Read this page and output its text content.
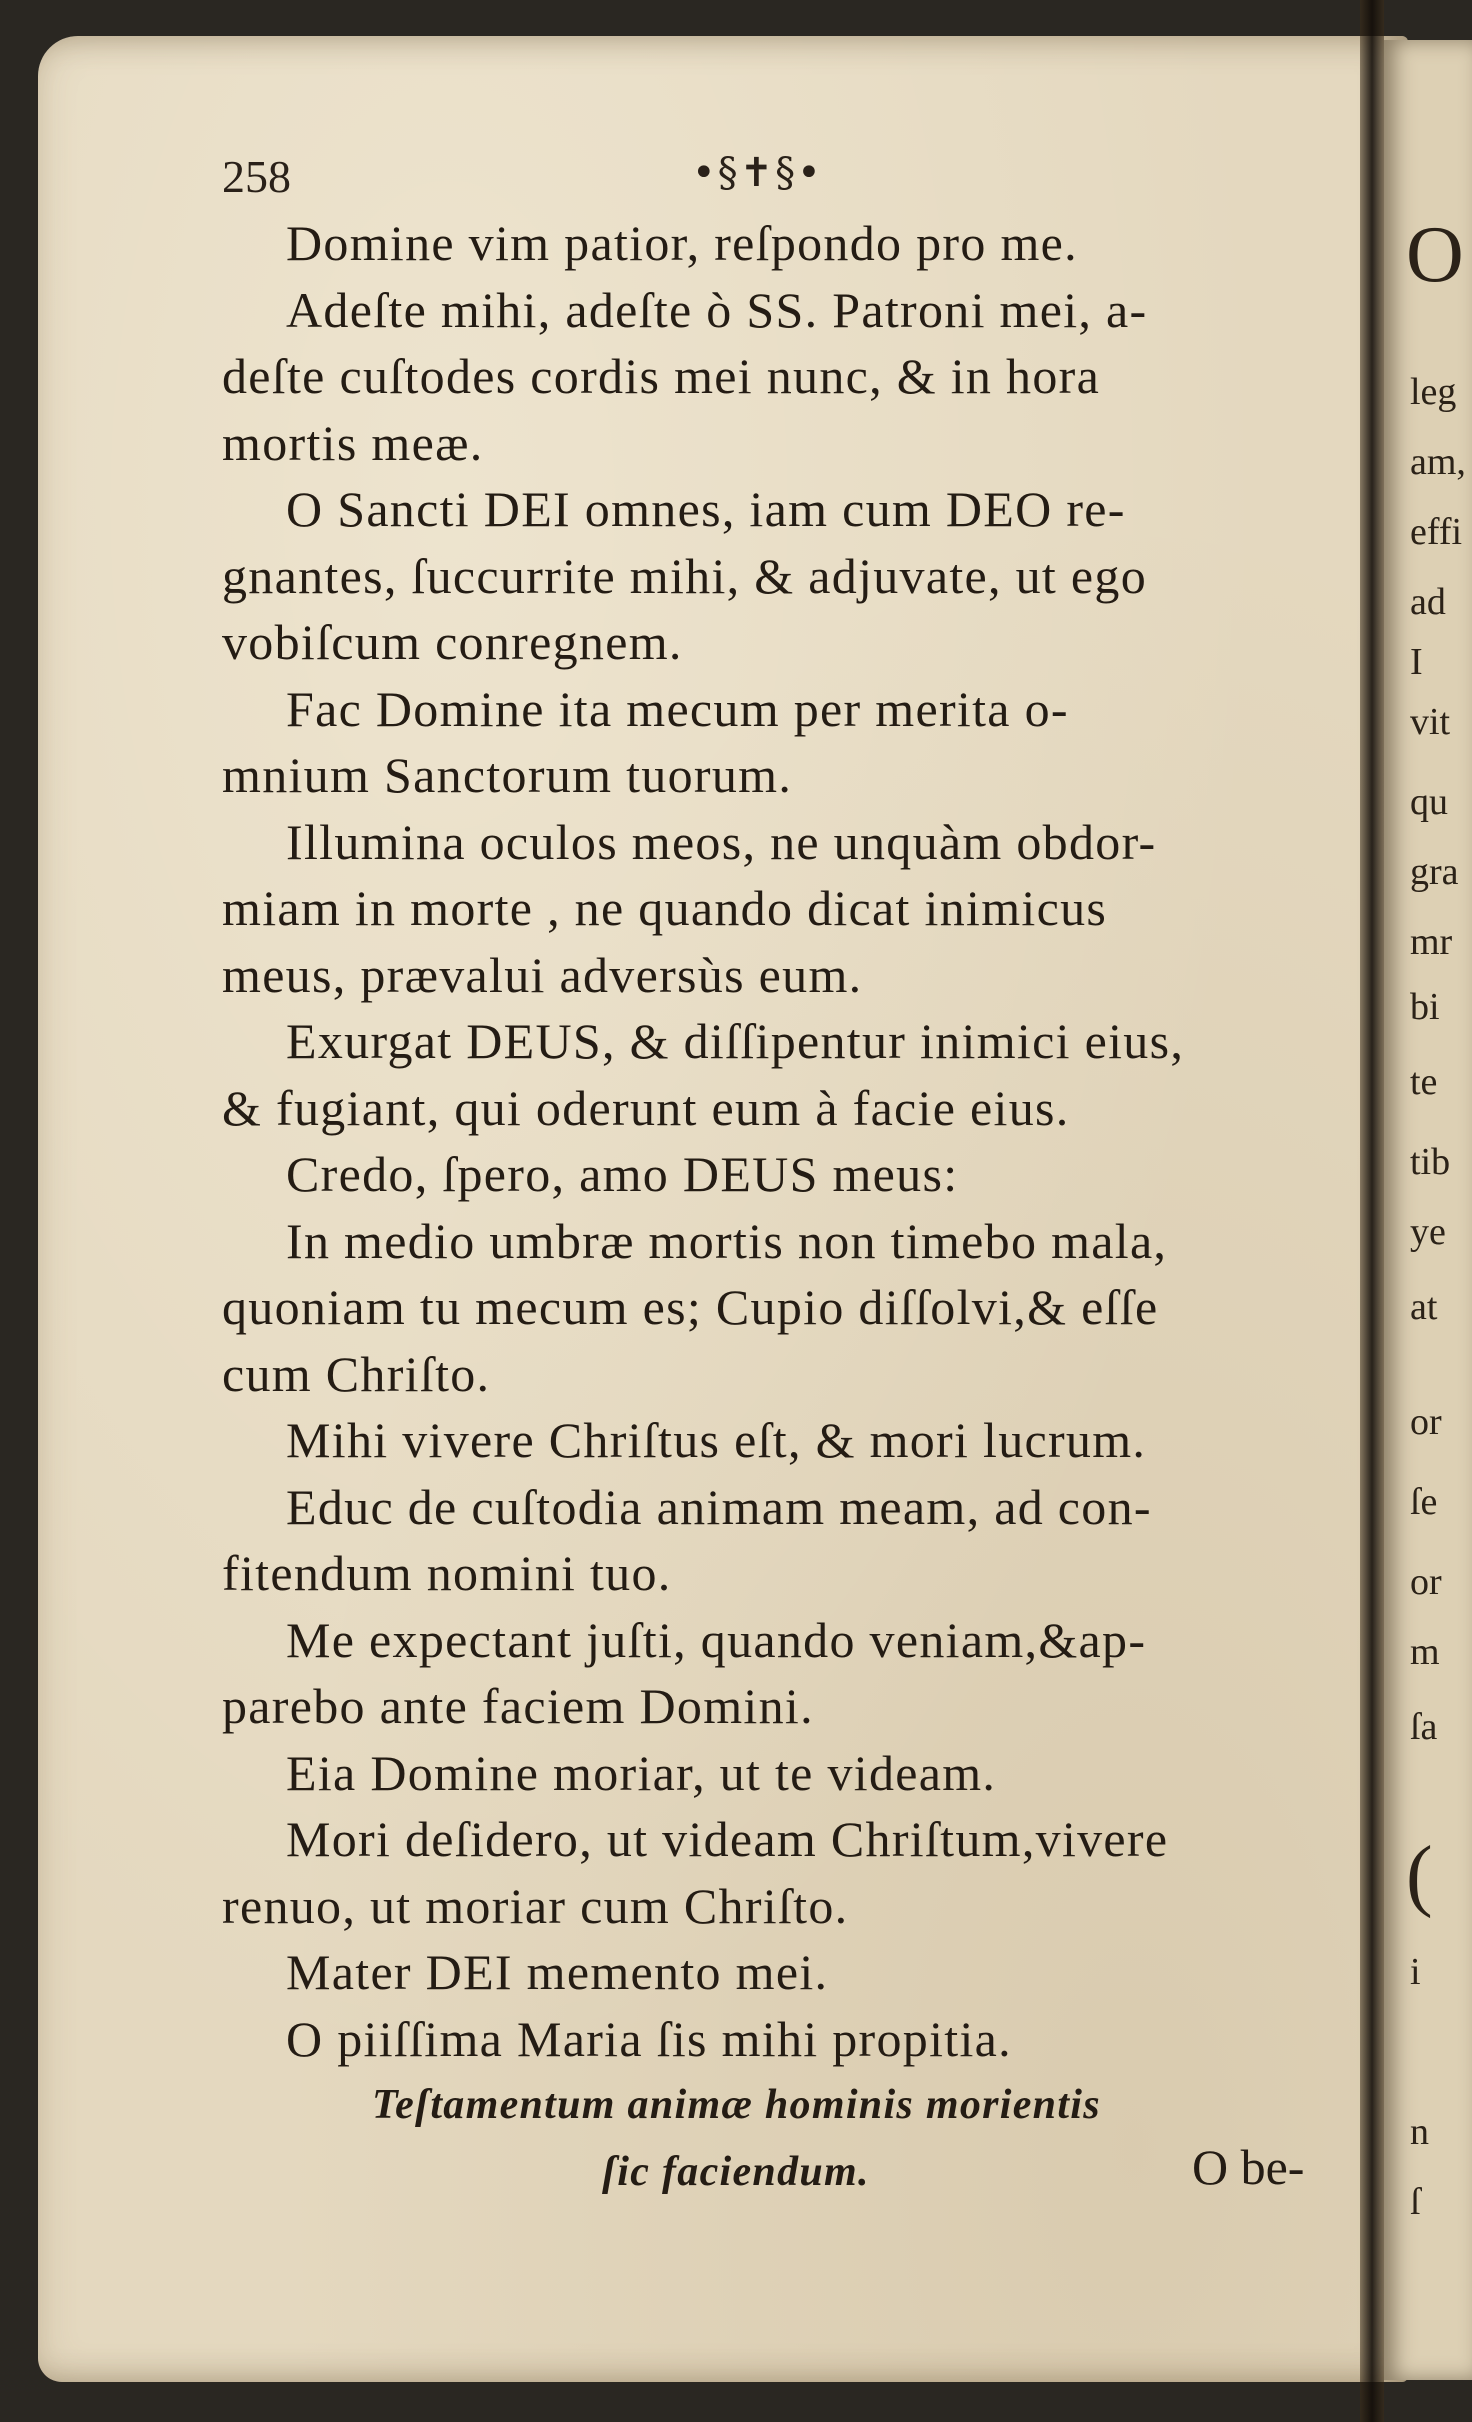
258	•§✝§•
Domine vim patior, reſpondo pro me.
Adeſte mihi, adeſte ò SS. Patroni mei, a-
deſte cuſtodes cordis mei nunc, & in hora
mortis meæ.
O Sancti DEI omnes, iam cum DEO re-
gnantes, ſuccurrite mihi, & adjuvate, ut ego
vobiſcum conregnem.
Fac Domine ita mecum per merita o-
mnium Sanctorum tuorum.
Illumina oculos meos, ne unquàm obdor-
miam in morte , ne quando dicat inimicus
meus, prævalui adversùs eum.
Exurgat DEUS, & diſſipentur inimici eius,
& fugiant, qui oderunt eum à facie eius.
Credo, ſpero, amo DEUS meus:
In medio umbræ mortis non timebo mala,
quoniam tu mecum es; Cupio diſſolvi,& eſſe
cum Chriſto.
Mihi vivere Chriſtus eſt, & mori lucrum.
Educ de cuſtodia animam meam, ad con-
fitendum nomini tuo.
Me expectant juſti, quando veniam,&ap-
parebo ante faciem Domini.
Eia Domine moriar, ut te videam.
Mori deſidero, ut videam Chriſtum,vivere
renuo, ut moriar cum Chriſto.
Mater DEI memento mei.
O piiſſima Maria ſis mihi propitia.
Teſtamentum animæ hominis morientis
ſic faciendum.	O be-
O
leg
am,
effi
ad
I
vit
qu
gra
mr
bi
te
tib
ye
at
or
ſe
or
m
ſa
(
i
n
ſ
